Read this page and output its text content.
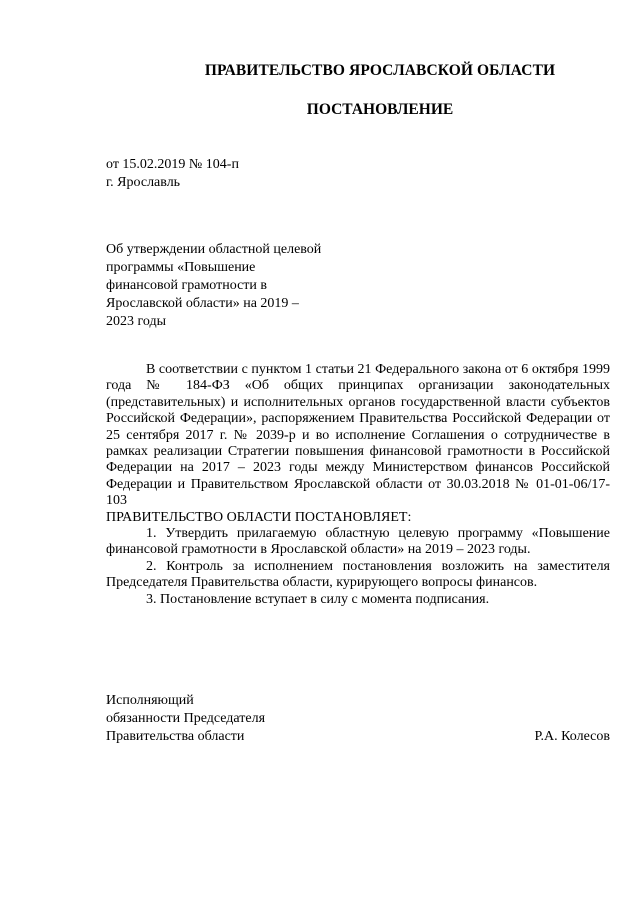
ПРАВИТЕЛЬСТВО ЯРОСЛАВСКОЙ ОБЛАСТИ
ПОСТАНОВЛЕНИЕ
от 15.02.2019 № 104-п
г. Ярославль
Об утверждении областной целевой программы «Повышение финансовой грамотности в Ярославской области» на 2019 – 2023 годы

В соответствии с пунктом 1 статьи 21 Федерального закона от 6 октября 1999 года № 184-ФЗ «Об общих принципах организации законодательных (представительных) и исполнительных органов государственной власти субъектов Российской Федерации», распоряжением Правительства Российской Федерации от 25 сентября 2017 г. № 2039-р и во исполнение Соглашения о сотрудничестве в рамках реализации Стратегии повышения финансовой грамотности в Российской Федерации на 2017 – 2023 годы между Министерством финансов Российской Федерации и Правительством Ярославской области от 30.03.2018 № 01-01-06/17-103

ПРАВИТЕЛЬСТВО ОБЛАСТИ ПОСТАНОВЛЯЕТ:

1. Утвердить прилагаемую областную целевую программу «Повышение финансовой грамотности в Ярославской области» на 2019 – 2023 годы.

2. Контроль за исполнением постановления возложить на заместителя Председателя Правительства области, курирующего вопросы финансов.

3. Постановление вступает в силу с момента подписания.

Исполняющий
обязанности Председателя
Правительства области	Р.А. Колесов
